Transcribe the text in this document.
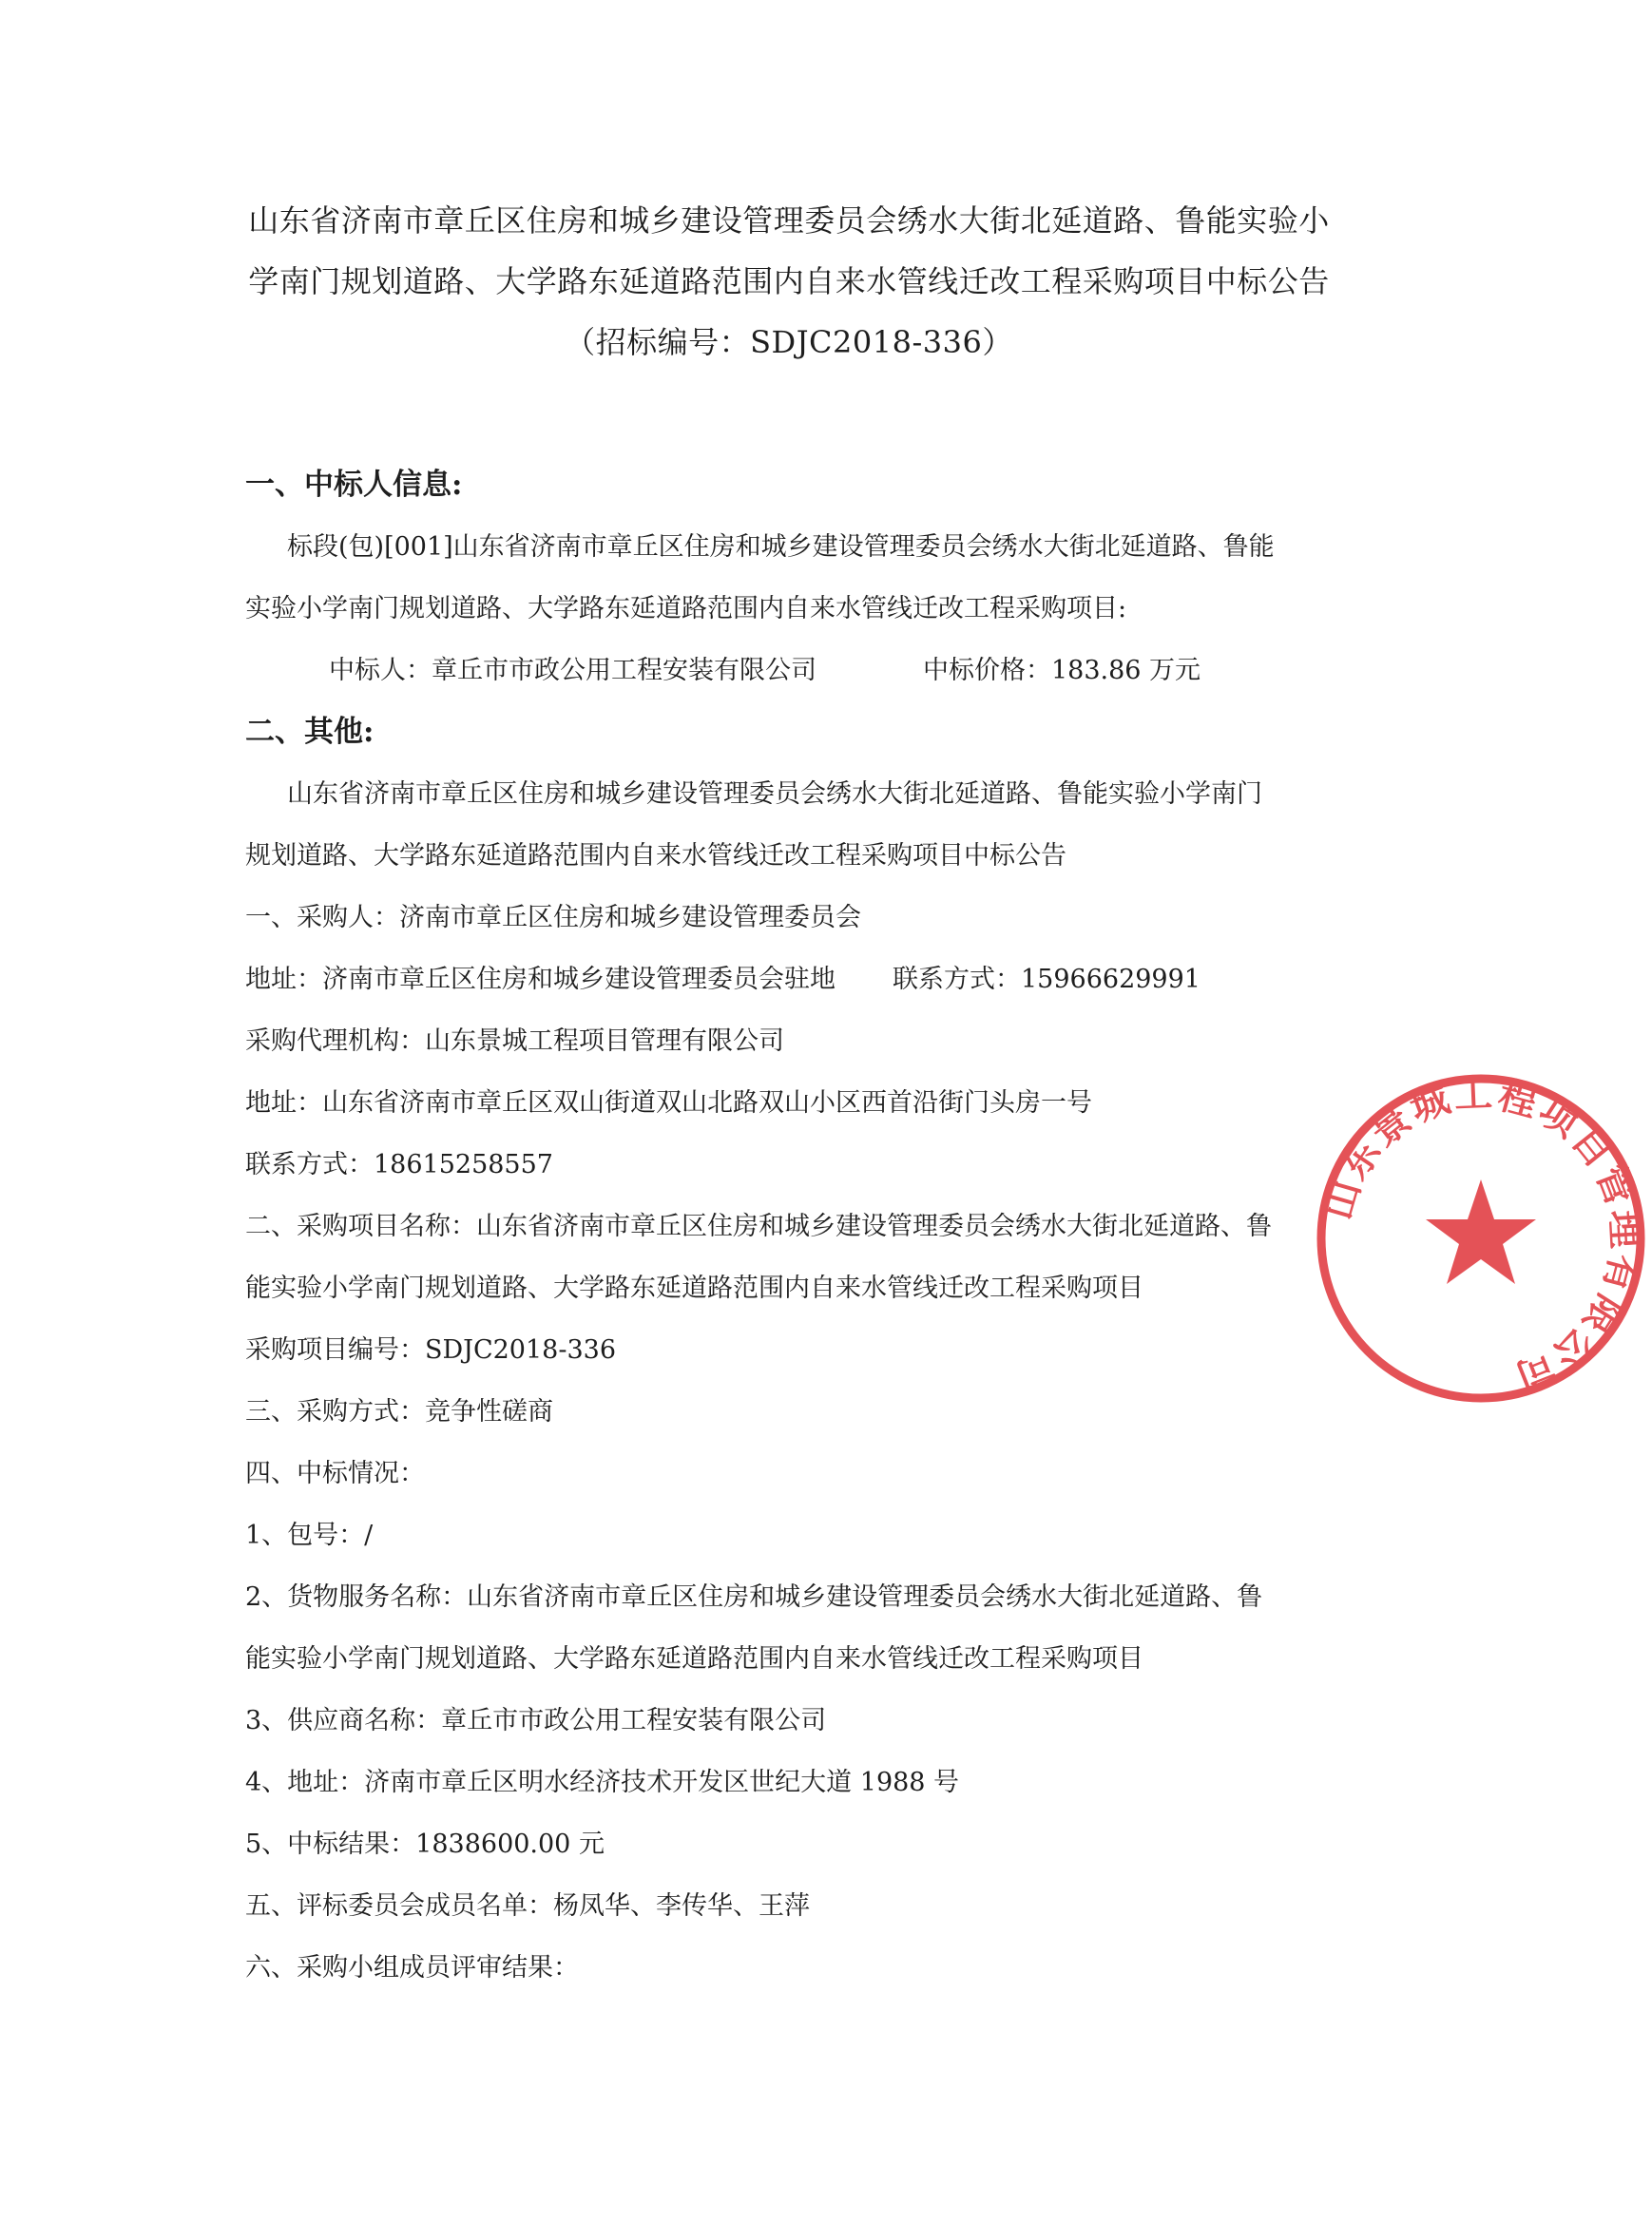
山东省济南市章丘区住房和城乡建设管理委员会绣水大街北延道路、鲁能实验小
学南门规划道路、大学路东延道路范围内自来水管线迁改工程采购项目中标公告
（招标编号：SDJC2018-336）
一、中标人信息:
标段(包)[001]山东省济南市章丘区住房和城乡建设管理委员会绣水大街北延道路、鲁能
实验小学南门规划道路、大学路东延道路范围内自来水管线迁改工程采购项目:
中标人：章丘市市政公用工程安装有限公司	中标价格：183.86 万元
二、其他:
山东省济南市章丘区住房和城乡建设管理委员会绣水大街北延道路、鲁能实验小学南门
规划道路、大学路东延道路范围内自来水管线迁改工程采购项目中标公告
一、采购人：济南市章丘区住房和城乡建设管理委员会
地址：济南市章丘区住房和城乡建设管理委员会驻地 联系方式：15966629991
采购代理机构：山东景城工程项目管理有限公司
地址：山东省济南市章丘区双山街道双山北路双山小区西首沿街门头房一号
联系方式：18615258557
二、采购项目名称：山东省济南市章丘区住房和城乡建设管理委员会绣水大街北延道路、鲁
能实验小学南门规划道路、大学路东延道路范围内自来水管线迁改工程采购项目
采购项目编号：SDJC2018-336
三、采购方式：竞争性磋商
四、中标情况：
1、包号：/
2、货物服务名称：山东省济南市章丘区住房和城乡建设管理委员会绣水大街北延道路、鲁
能实验小学南门规划道路、大学路东延道路范围内自来水管线迁改工程采购项目
3、供应商名称：章丘市市政公用工程安装有限公司
4、地址：济南市章丘区明水经济技术开发区世纪大道 1988 号
5、中标结果：1838600.00 元
五、评标委员会成员名单：杨凤华、李传华、王萍
六、采购小组成员评审结果：
山东景城工程项目管理有限公司
